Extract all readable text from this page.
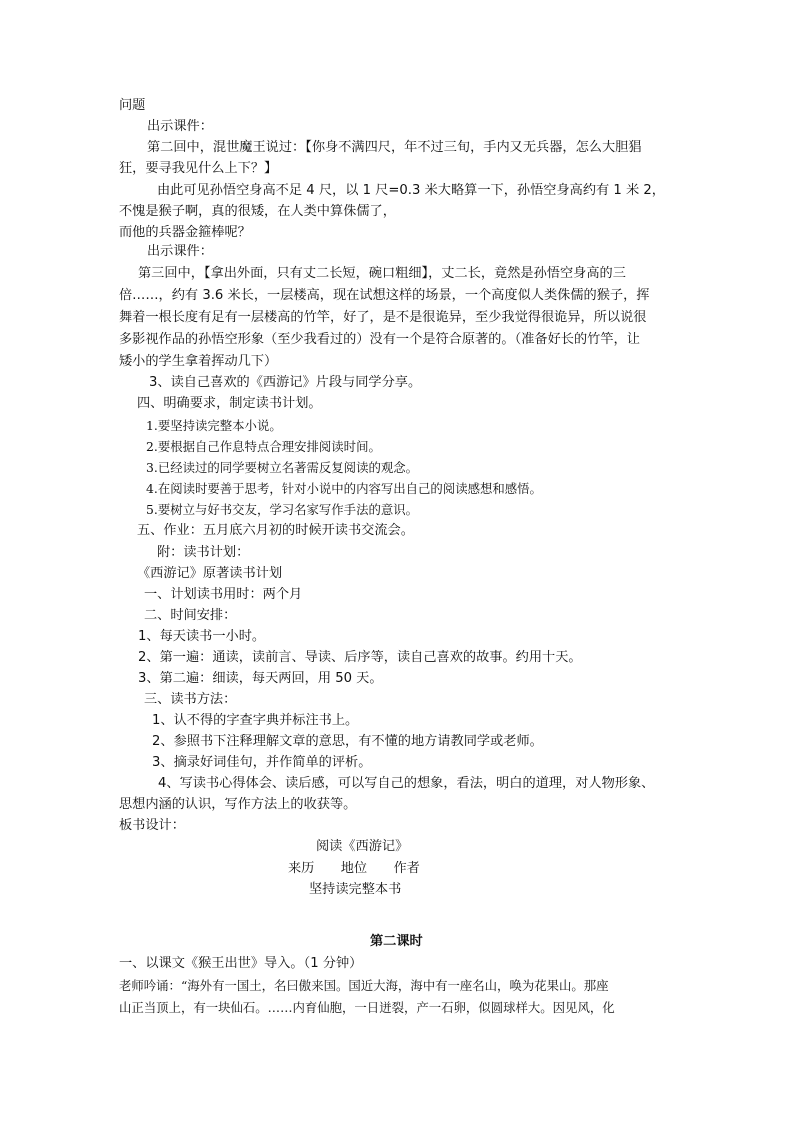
问题
出示课件：
第二回中，混世魔王说过：【你身不满四尺，年不过三旬，手内又无兵器，怎么大胆猖
狂，要寻我见什么上下？】
由此可见孙悟空身高不足 4 尺，以 1 尺=0.3 米大略算一下，孙悟空身高约有 1 米 2，
不愧是猴子啊，真的很矮，在人类中算侏儒了，
而他的兵器金箍棒呢？
出示课件：
第三回中，【拿出外面，只有丈二长短，碗口粗细】，丈二长，竟然是孙悟空身高的三
倍……，约有 3.6 米长，一层楼高，现在试想这样的场景，一个高度似人类侏儒的猴子，挥
舞着一根长度有足有一层楼高的竹竿，好了，是不是很诡异，至少我觉得很诡异，所以说很
多影视作品的孙悟空形象（至少我看过的）没有一个是符合原著的。（准备好长的竹竿，让
矮小的学生拿着挥动几下）
3、读自己喜欢的《西游记》片段与同学分享。
四、明确要求，制定读书计划。
1.要坚持读完整本小说。
2.要根据自己作息特点合理安排阅读时间。
3.已经读过的同学要树立名著需反复阅读的观念。
4.在阅读时要善于思考，针对小说中的内容写出自己的阅读感想和感悟。
5.要树立与好书交友，学习名家写作手法的意识。
五、作业：五月底六月初的时候开读书交流会。
附：读书计划：
《西游记》原著读书计划
一、计划读书用时：两个月
二、时间安排：
1、每天读书一小时。
2、第一遍：通读，读前言、导读、后序等，读自己喜欢的故事。约用十天。
3、第二遍：细读，每天两回，用 50 天。
三、读书方法：
1、认不得的字查字典并标注书上。
2、参照书下注释理解文章的意思，有不懂的地方请教同学或老师。
3、摘录好词佳句，并作简单的评析。
4、写读书心得体会、读后感，可以写自己的想象，看法，明白的道理，对人物形象、
思想内涵的认识，写作方法上的收获等。
板书设计：
阅读《西游记》
来历　　地位　　作者
坚持读完整本书
第二课时
一、以课文《猴王出世》导入。（1 分钟）
老师吟诵：“海外有一国土，名曰傲来国。国近大海，海中有一座名山，唤为花果山。那座
山正当顶上，有一块仙石。……内育仙胞，一日迸裂，产一石卵，似圆球样大。因见风，化
